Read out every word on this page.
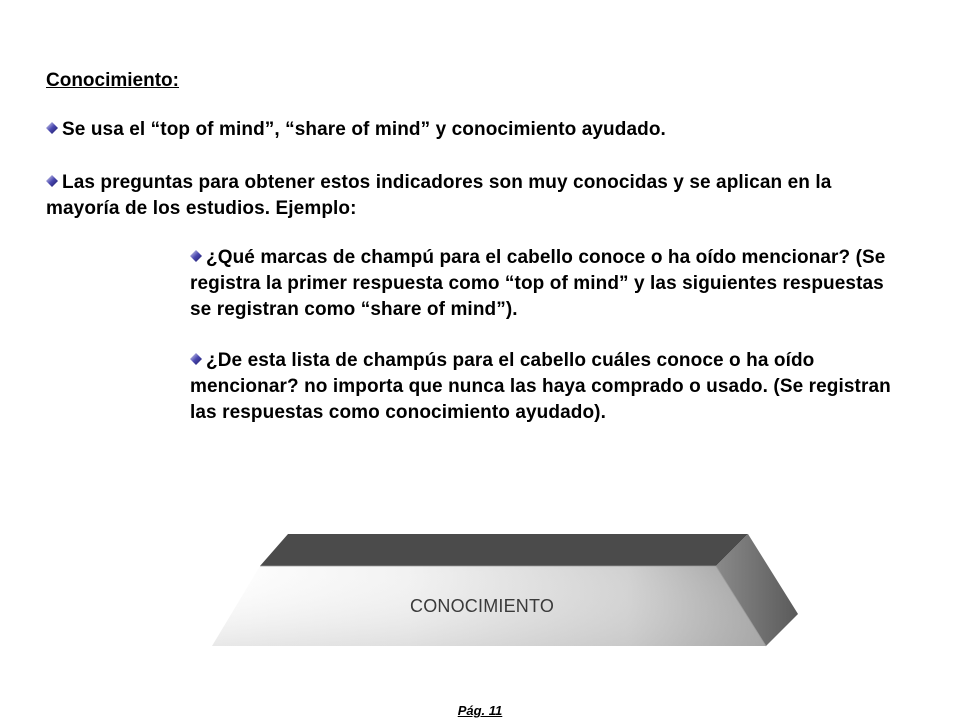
Conocimiento:
Se usa el “top of mind”, “share of mind” y conocimiento ayudado.
Las preguntas para obtener estos indicadores son muy conocidas y se aplican en la mayoría de los estudios. Ejemplo:
¿Qué marcas de champú para el cabello conoce o ha oído mencionar? (Se registra la primer respuesta como “top of mind” y las siguientes respuestas se registran como “share of mind”).
¿De esta lista de champús para el cabello cuáles conoce o ha oído mencionar? no importa que nunca las haya comprado o usado. (Se registran las respuestas como conocimiento ayudado).
CONOCIMIENTO
Pág. 11
